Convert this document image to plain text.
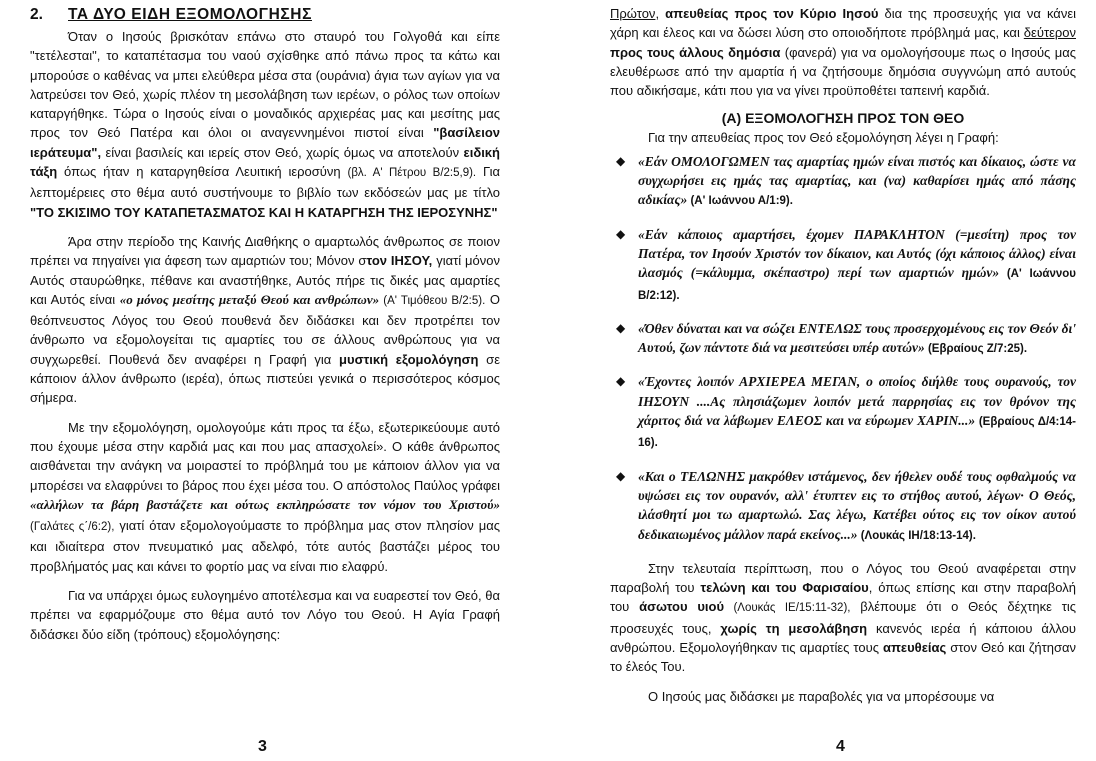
2. ΤΑ ΔΥΟ ΕΙΔΗ ΕΞΟΜΟΛΟΓΗΣΗΣ

Όταν ο Ιησούς βρισκόταν επάνω στο σταυρό του Γολγοθά και είπε "τετέλεσται", το καταπέτασμα του ναού σχίσθηκε από πάνω προς τα κάτω και μπορούσε ο καθένας να μπει ελεύθερα μέσα στα (ουράνια) άγια των αγίων για να λατρεύσει τον Θεό, χωρίς πλέον τη μεσολάβηση των ιερέων, ο ρόλος των οποίων καταργήθηκε. Τώρα ο Ιησούς είναι ο μοναδικός αρχιερέας μας και μεσίτης μας προς τον Θεό Πατέρα και όλοι οι αναγεννημένοι πιστοί είναι "βασίλειον ιεράτευμα", είναι βασιλείς και ιερείς στον Θεό, χωρίς όμως να αποτελούν ειδική τάξη όπως ήταν η καταργηθείσα Λευιτική ιεροσύνη (βλ. Α' Πέτρου Β/2:5,9). Για λεπτομέρειες στο θέμα αυτό συστήνουμε το βιβλίο των εκδόσεών μας με τίτλο "ΤΟ ΣΚΙΣΙΜΟ ΤΟΥ ΚΑΤΑΠΕΤΑΣΜΑΤΟΣ ΚΑΙ Η ΚΑΤΑΡΓΗΣΗ ΤΗΣ ΙΕΡΟΣΥΝΗΣ"

Άρα στην περίοδο της Καινής Διαθήκης ο αμαρτωλός άνθρωπος σε ποιον πρέπει να πηγαίνει για άφεση των αμαρτιών του; Μόνον στον ΙΗΣΟΥ, γιατί μόνον Αυτός σταυρώθηκε, πέθανε και αναστήθηκε, Αυτός πήρε τις δικές μας αμαρτίες και Αυτός είναι «ο μόνος μεσίτης μεταξύ Θεού και ανθρώπων» (Α' Τιμόθεου Β/2:5). Ο θεόπνευστος Λόγος του Θεού πουθενά δεν διδάσκει και δεν προτρέπει τον άνθρωπο να εξομολογείται τις αμαρτίες του σε άλλους ανθρώπους για να συγχωρεθεί. Πουθενά δεν αναφέρει η Γραφή για μυστική εξομολόγηση σε κάποιον άλλον άνθρωπο (ιερέα), όπως πιστεύει γενικά ο περισσότερος κόσμος σήμερα.

Με την εξομολόγηση, ομολογούμε κάτι προς τα έξω, εξωτερικεύουμε αυτό που έχουμε μέσα στην καρδιά μας και που μας απασχολεί». Ο κάθε άνθρωπος αισθάνεται την ανάγκη να μοιραστεί το πρόβλημά του με κάποιον άλλον για να μπορέσει να ελαφρύνει το βάρος που έχει μέσα του. Ο απόστολος Παύλος γράφει «αλλήλων τα βάρη βαστάζετε και ούτως εκπληρώσατε τον νόμον του Χριστού» (Γαλάτες ς΄/6:2), γιατί όταν εξομολογούμαστε το πρόβλημα μας στον πλησίον μας και ιδιαίτερα στον πνευματικό μας αδελφό, τότε αυτός βαστάζει μέρος του προβλήματός μας και κάνει το φορτίο μας να είναι πιο ελαφρύ.

Για να υπάρχει όμως ευλογημένο αποτέλεσμα και να ευαρεστεί τον Θεό, θα πρέπει να εφαρμόζουμε στο θέμα αυτό τον Λόγο του Θεού. Η Αγία Γραφή διδάσκει δύο είδη (τρόπους) εξομολόγησης:

3

Πρώτον, απευθείας προς τον Κύριο Ιησού δια της προσευχής για να κάνει χάρη και έλεος και να δώσει λύση στο οποιοδήποτε πρόβλημά μας, και δεύτερον προς τους άλλους δημόσια (φανερά) για να ομολογήσουμε πως ο Ιησούς μας ελευθέρωσε από την αμαρτία ή να ζητήσουμε δημόσια συγγνώμη από αυτούς που αδικήσαμε, κάτι που για να γίνει προϋποθέτει ταπεινή καρδιά.

(Α) ΕΞΟΜΟΛΟΓΗΣΗ ΠΡΟΣ ΤΟΝ ΘΕΟ

Για την απευθείας προς τον Θεό εξομολόγηση λέγει η Γραφή:

◆ «Εάν ΟΜΟΛΟΓΩΜΕΝ τας αμαρτίας ημών είναι πιστός και δίκαιος, ώστε να συγχωρήσει εις ημάς τας αμαρτίας, και (να) καθαρίσει ημάς από πάσης αδικίας» (Α' Ιωάννου Α/1:9).
◆ «Εάν κάποιος αμαρτήσει, έχομεν ΠΑΡΑΚΛΗΤΟΝ (=μεσίτη) προς τον Πατέρα, τον Ιησούν Χριστόν τον δίκαιον, και Αυτός (όχι κάποιος άλλος) είναι ιλασμός (=κάλυμμα, σκέπαστρο) περί των αμαρτιών ημών» (Α' Ιωάννου Β/2:12).
◆ «Όθεν δύναται και να σώζει ΕΝΤΕΛΩΣ τους προσερχομένους εις τον Θεόν δι' Αυτού, ζων πάντοτε διά να μεσιτεύσει υπέρ αυτών» (Εβραίους Ζ/7:25).
◆ «Έχοντες λοιπόν ΑΡΧΙΕΡΕΑ ΜΕΓΑΝ, ο οποίος διήλθε τους ουρανούς, τον ΙΗΣΟΥΝ ....Ας πλησιάζωμεν λοιπόν μετά παρρησίας εις τον θρόνον της χάριτος διά να λάβωμεν ΕΛΕΟΣ και να εύρωμεν ΧΑΡΙΝ...» (Εβραίους Δ/4:14-16).
◆ «Και ο ΤΕΛΩΝΗΣ μακρόθεν ιστάμενος, δεν ήθελεν ουδέ τους οφθαλμούς να υψώσει εις τον ουρανόν, αλλ' έτυπτεν εις το στήθος αυτού, λέγων· Ο Θεός, ιλάσθητί μοι τω αμαρτωλώ. Σας λέγω, Κατέβει ούτος εις τον οίκον αυτού δεδικαιωμένος μάλλον παρά εκείνος...» (Λουκάς ΙΗ/18:13-14).

Στην τελευταία περίπτωση, που ο Λόγος του Θεού αναφέρεται στην παραβολή του τελώνη και του Φαρισαίου, όπως επίσης και στην παραβολή του άσωτου υιού (Λουκάς ΙΕ/15:11-32), βλέπουμε ότι ο Θεός δέχτηκε τις προσευχές τους, χωρίς τη μεσολάβηση κανενός ιερέα ή κάποιου άλλου ανθρώπου. Εξομολογήθηκαν τις αμαρτίες τους απευθείας στον Θεό και ζήτησαν το έλεός Του.

Ο Ιησούς μας διδάσκει με παραβολές για να μπορέσουμε να

4
